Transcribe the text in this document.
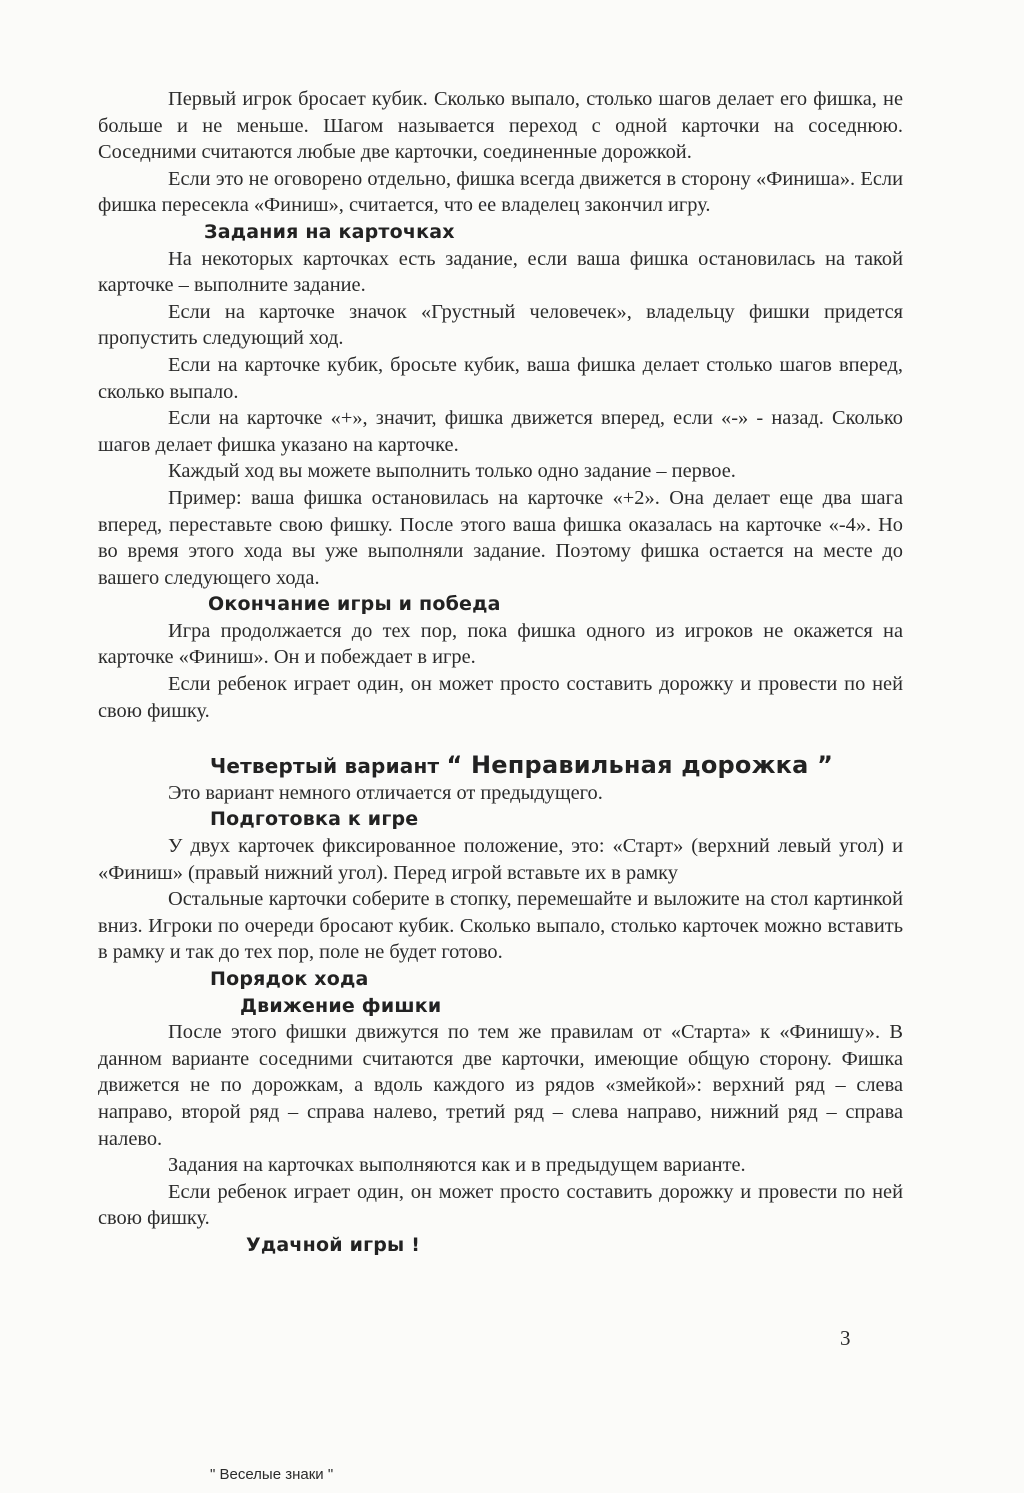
Первый игрок бросает кубик. Сколько выпало, столько шагов делает его фишка, не больше и не меньше. Шагом называется переход с одной карточки на соседнюю. Соседними считаются любые две карточки, соединенные дорожкой.

Если это не оговорено отдельно, фишка всегда движется в сторону «Финиша». Если фишка пересекла «Финиш», считается, что ее владелец закончил игру.

Задания на карточках

На некоторых карточках есть задание, если ваша фишка остановилась на такой карточке – выполните задание.

Если на карточке значок «Грустный человечек», владельцу фишки придется пропустить следующий ход.

Если на карточке кубик, бросьте кубик, ваша фишка делает столько шагов вперед, сколько выпало.

Если на карточке «+», значит, фишка движется вперед, если «-» - назад. Сколько шагов делает фишка указано на карточке.

Каждый ход вы можете выполнить только одно задание – первое.

Пример: ваша фишка остановилась на карточке «+2». Она делает еще два шага вперед, переставьте свою фишку. После этого ваша фишка оказалась на карточке «-4». Но во время этого хода вы уже выполняли задание. Поэтому фишка остается на месте до вашего следующего хода.

Окончание игры и победа

Игра продолжается до тех пор, пока фишка одного из игроков не окажется на карточке «Финиш». Он и побеждает в игре.

Если ребенок играет один, он может просто составить дорожку и провести по ней свою фишку.

Четвертый вариант “ Неправильная дорожка ”

Это вариант немного отличается от предыдущего.

Подготовка к игре

У двух карточек фиксированное положение, это: «Старт» (верхний левый угол) и «Финиш» (правый нижний угол). Перед игрой вставьте их в рамку

Остальные карточки соберите в стопку, перемешайте и выложите на стол картинкой вниз. Игроки по очереди бросают кубик. Сколько выпало, столько карточек можно вставить в рамку и так до тех пор, поле не будет готово.

Порядок хода

Движение фишки

После этого фишки движутся по тем же правилам от «Старта» к «Финишу». В данном варианте соседними считаются две карточки, имеющие общую сторону. Фишка движется не по дорожкам, а вдоль каждого из рядов «змейкой»: верхний ряд – слева направо, второй ряд – справа налево, третий ряд – слева направо, нижний ряд – справа налево.

Задания на карточках выполняются как и в предыдущем варианте.

Если ребенок играет один, он может просто составить дорожку и провести по ней свою фишку.

Удачной игры !

3
" Веселые знаки "
